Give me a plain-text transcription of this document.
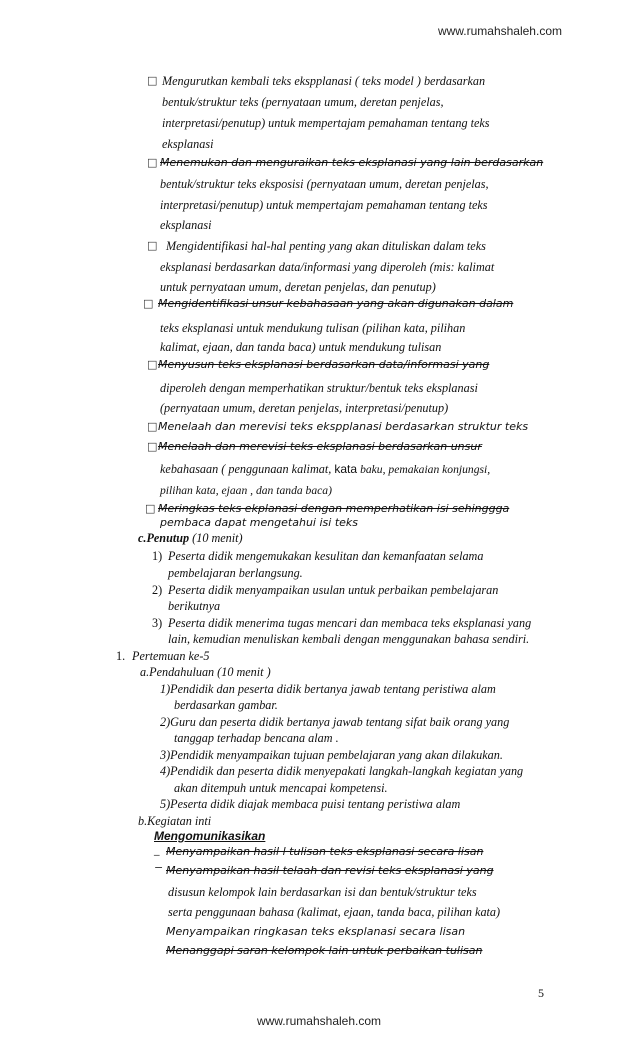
www.rumahshaleh.com
□
□
□
□
□
□
□
□
Mengurutkan kembali teks ekspplanasi ( teks model ) berdasarkan
bentuk/struktur teks (pernyataan umum, deretan penjelas,
interpretasi/penutup) untuk mempertajam pemahaman tentang teks
eksplanasi
Menemukan dan menguraikan teks eksplanasi yang lain berdasarkan
bentuk/struktur teks eksposisi (pernyataan umum, deretan penjelas,
interpretasi/penutup) untuk mempertajam pemahaman tentang teks
eksplanasi
Mengidentifikasi hal-hal penting yang akan dituliskan dalam teks
eksplanasi berdasarkan data/informasi yang diperoleh (mis: kalimat
untuk pernyataan umum, deretan penjelas, dan penutup)
Mengidentifikasi unsur kebahasaan yang akan digunakan dalam
teks eksplanasi untuk mendukung tulisan (pilihan kata, pilihan
kalimat, ejaan, dan tanda baca) untuk mendukung tulisan
Menyusun teks eksplanasi berdasarkan data/informasi yang
diperoleh dengan memperhatikan struktur/bentuk teks eksplanasi
(pernyataan umum, deretan penjelas, interpretasi/penutup)
Menelaah dan merevisi teks ekspplanasi berdasarkan struktur teks
Menelaah dan merevisi teks eksplanasi berdasarkan unsur
kebahasaan ( penggunaan kalimat, kata baku, pemakaian konjungsi,
pilihan kata, ejaan , dan tanda baca)
Meringkas teks ekplanasi dengan memperhatikan isi sehinggga
pembaca dapat mengetahui isi teks
c.Penutup (10 menit)
1) Peserta didik mengemukakan kesulitan dan kemanfaatan selama
pembelajaran berlangsung.
2) Peserta didik menyampaikan usulan untuk perbaikan pembelajaran
berikutnya
3) Peserta didik menerima tugas mencari dan membaca teks eksplanasi yang
lain, kemudian menuliskan kembali dengan menggunakan bahasa sendiri.
1. Pertemuan ke-5
a.Pendahuluan (10 menit )
1)Pendidik dan peserta didik bertanya jawab tentang peristiwa alam
berdasarkan gambar.
2)Guru dan peserta didik bertanya jawab tentang sifat baik orang yang
tanggap terhadap bencana alam .
3)Pendidik menyampaikan tujuan pembelajaran yang akan dilakukan.
4)Pendidik dan peserta didik menyepakati langkah-langkah kegiatan yang
akan ditempuh untuk mencapai kompetensi.
5)Peserta didik diajak membaca puisi tentang peristiwa alam
b.Kegiatan inti
Mengomunikasikan
_ Menyampaikan hasil l tulisan teks eksplanasi secara lisan
− Menyampaikan hasil telaah dan revisi teks eksplanasi yang
disusun kelompok lain berdasarkan isi dan bentuk/struktur teks
serta penggunaan bahasa (kalimat, ejaan, tanda baca, pilihan kata)
Menyampaikan ringkasan teks eksplanasi secara lisan
Menanggapi saran kelompok lain untuk perbaikan tulisan
5
www.rumahshaleh.com
